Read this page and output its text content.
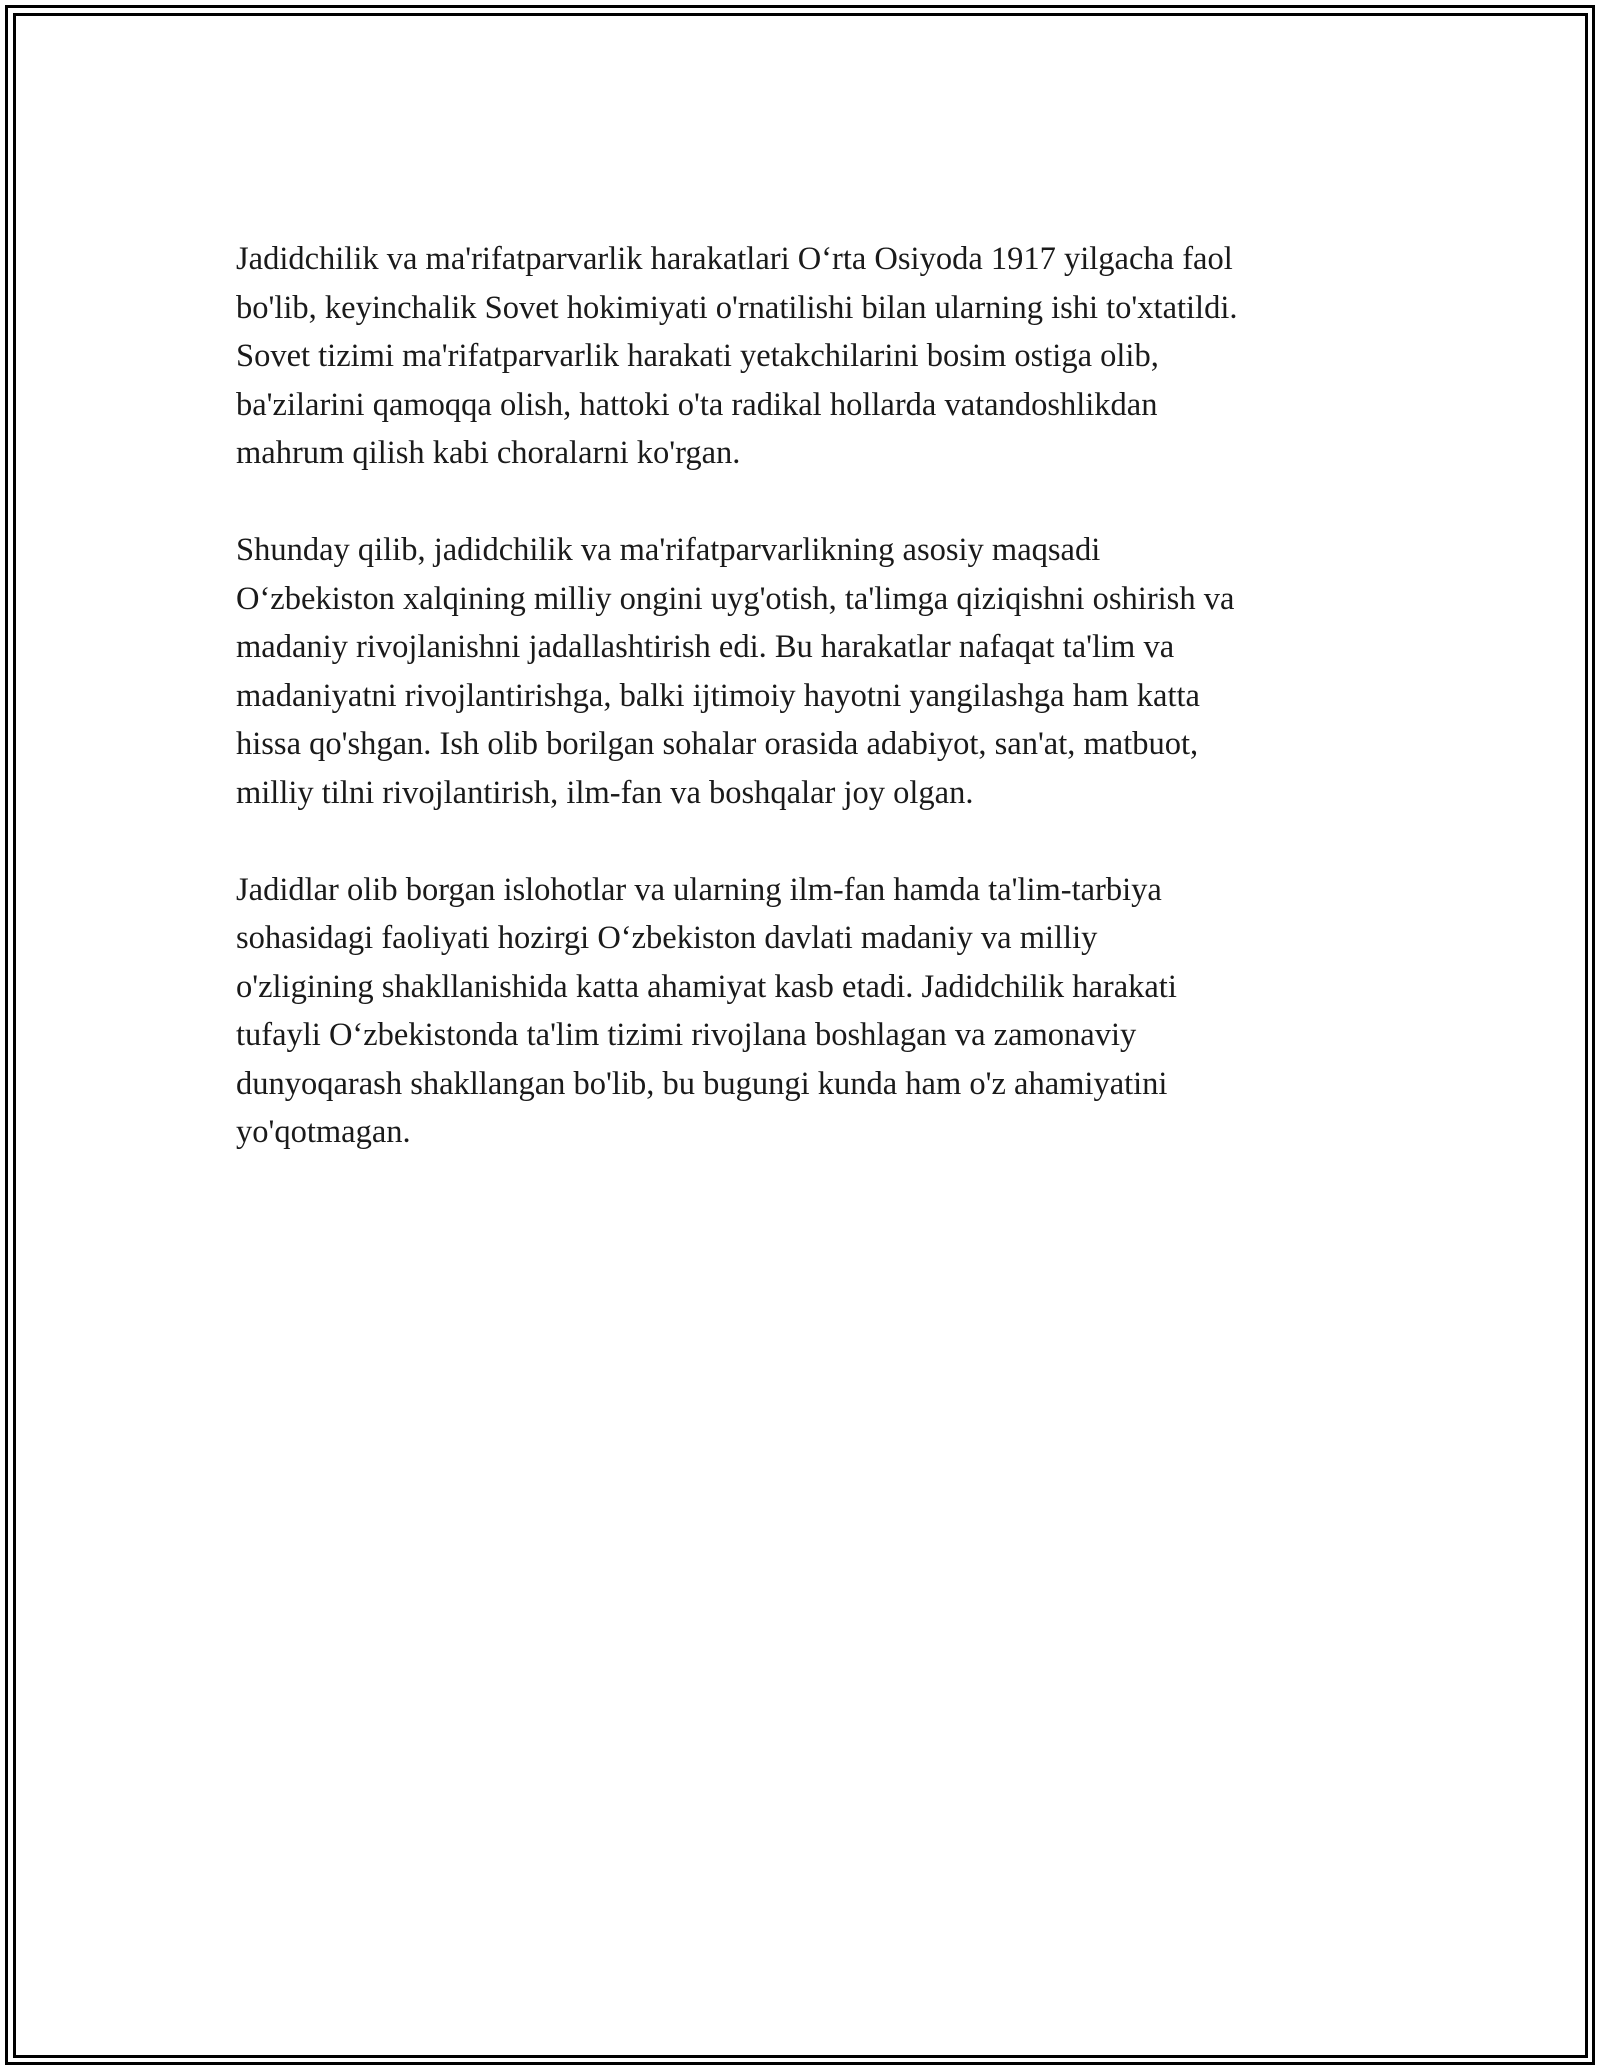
Jadidchilik va ma'rifatparvarlik harakatlari O‘rta Osiyoda 1917 yilgacha faol
bo'lib, keyinchalik Sovet hokimiyati o'rnatilishi bilan ularning ishi to'xtatildi.
Sovet tizimi ma'rifatparvarlik harakati yetakchilarini bosim ostiga olib,
ba'zilarini qamoqqa olish, hattoki o'ta radikal hollarda vatandoshlikdan
mahrum qilish kabi choralarni ko'rgan.

Shunday qilib, jadidchilik va ma'rifatparvarlikning asosiy maqsadi
O‘zbekiston xalqining milliy ongini uyg'otish, ta'limga qiziqishni oshirish va
madaniy rivojlanishni jadallashtirish edi. Bu harakatlar nafaqat ta'lim va
madaniyatni rivojlantirishga, balki ijtimoiy hayotni yangilashga ham katta
hissa qo'shgan. Ish olib borilgan sohalar orasida adabiyot, san'at, matbuot,
milliy tilni rivojlantirish, ilm-fan va boshqalar joy olgan.

Jadidlar olib borgan islohotlar va ularning ilm-fan hamda ta'lim-tarbiya
sohasidagi faoliyati hozirgi O‘zbekiston davlati madaniy va milliy
o'zligining shakllanishida katta ahamiyat kasb etadi. Jadidchilik harakati
tufayli O‘zbekistonda ta'lim tizimi rivojlana boshlagan va zamonaviy
dunyoqarash shakllangan bo'lib, bu bugungi kunda ham o'z ahamiyatini
yo'qotmagan.
